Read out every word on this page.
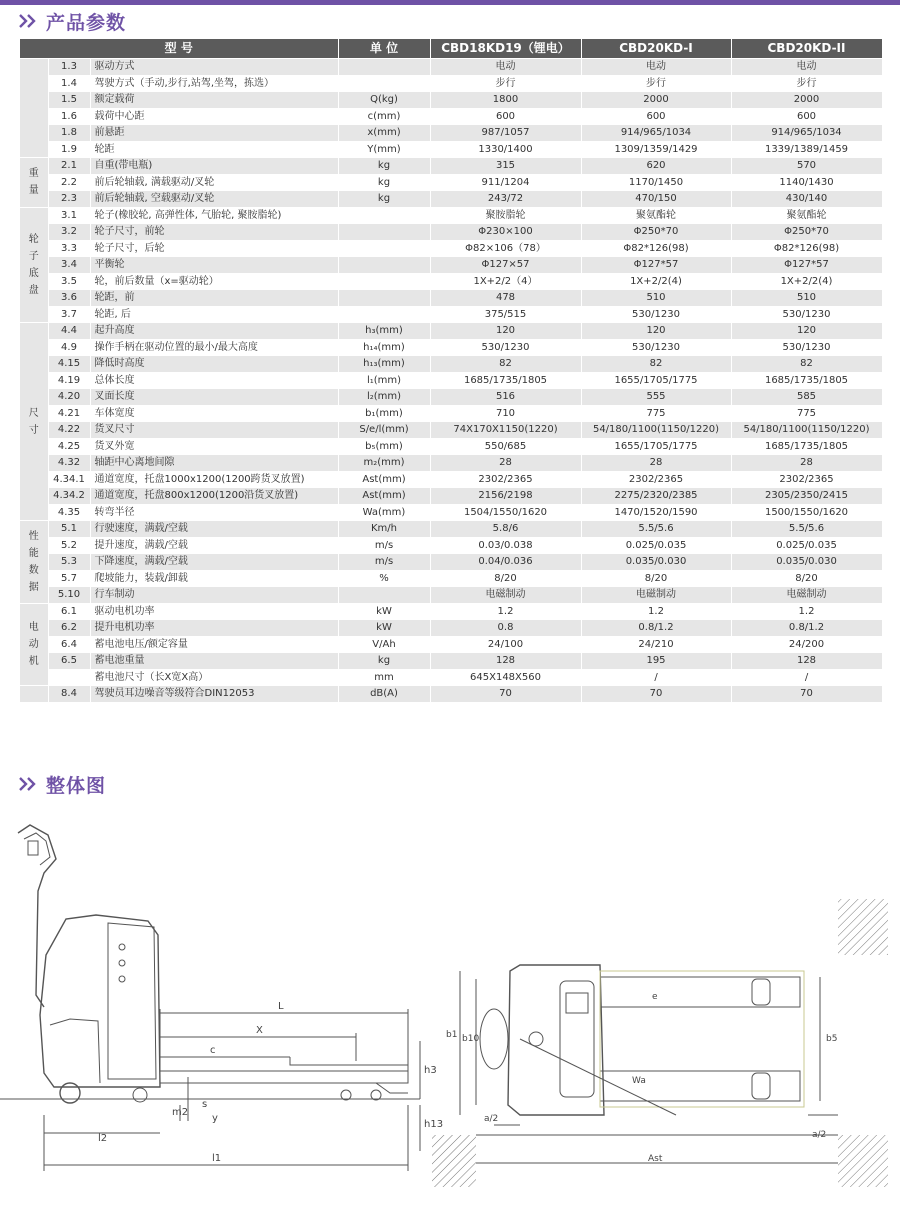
产品参数
型 号			单 位	CBD18KD19（锂电）	CBD20KD-I	CBD20KD-II
	1.3	驱动方式		电动	电动	电动
	1.4	驾驶方式（手动,步行,站驾,坐驾，拣选）		步行	步行	步行
	1.5	额定载荷	Q(kg)	1800	2000	2000
	1.6	载荷中心距	c(mm)	600	600	600
	1.8	前悬距	x(mm)	987/1057	914/965/1034	914/965/1034
	1.9	轮距	Y(mm)	1330/1400	1309/1359/1429	1339/1389/1459
重量	2.1	自重(带电瓶)	kg	315	620	570
	2.2	前后轮轴载, 满载驱动/叉轮	kg	911/1204	1170/1450	1140/1430
	2.3	前后轮轴载, 空载驱动/叉轮	kg	243/72	470/150	430/140
轮子底盘	3.1	轮子(橡胶轮, 高弹性体, 气胎轮, 聚胺脂轮)		聚胺脂轮	聚氨酯轮	聚氨酯轮
	3.2	轮子尺寸，前轮		Φ230×100	Φ250*70	Φ250*70
	3.3	轮子尺寸，后轮		Φ82×106（78）	Φ82*126(98)	Φ82*126(98)
	3.4	平衡轮		Φ127×57	Φ127*57	Φ127*57
	3.5	轮，前后数量（x=驱动轮）		1X+2/2（4）	1X+2/2(4)	1X+2/2(4)
	3.6	轮距，前		478	510	510
	3.7	轮距, 后		375/515	530/1230	530/1230
尺寸	4.4	起升高度	h₃(mm)	120	120	120
	4.9	操作手柄在驱动位置的最小/最大高度	h₁₄(mm)	530/1230	530/1230	530/1230
	4.15	降低时高度	h₁₃(mm)	82	82	82
	4.19	总体长度	l₁(mm)	1685/1735/1805	1655/1705/1775	1685/1735/1805
	4.20	叉面长度	l₂(mm)	516	555	585
	4.21	车体宽度	b₁(mm)	710	775	775
	4.22	货叉尺寸	S/e/l(mm)	74X170X1150(1220)	54/180/1100(1150/1220)	54/180/1100(1150/1220)
	4.25	货叉外宽	b₅(mm)	550/685	1655/1705/1775	1685/1735/1805
	4.32	轴距中心离地间隙	m₂(mm)	28	28	28
	4.34.1	通道宽度，托盘1000x1200(1200跨货叉放置)	Ast(mm)	2302/2365	2302/2365	2302/2365
	4.34.2	通道宽度，托盘800x1200(1200沿货叉放置)	Ast(mm)	2156/2198	2275/2320/2385	2305/2350/2415
	4.35	转弯半径	Wa(mm)	1504/1550/1620	1470/1520/1590	1500/1550/1620
性能数据	5.1	行驶速度，满载/空载	Km/h	5.8/6	5.5/5.6	5.5/5.6
	5.2	提升速度，满载/空载	m/s	0.03/0.038	0.025/0.035	0.025/0.035
	5.3	下降速度，满载/空载	m/s	0.04/0.036	0.035/0.030	0.035/0.030
	5.7	爬坡能力，装载/卸载	%	8/20	8/20	8/20
	5.10	行车制动		电磁制动	电磁制动	电磁制动
电动机	6.1	驱动电机功率	kW	1.2	1.2	1.2
	6.2	提升电机功率	kW	0.8	0.8/1.2	0.8/1.2
	6.4	蓄电池电压/额定容量	V/Ah	24/100	24/210	24/200
	6.5	蓄电池重量	kg	128	195	128
		蓄电池尺寸（长X宽X高）	mm	645X148X560	/	/
	8.4	驾驶员耳边噪音等级符合DIN12053	dB(A)	70	70	70
整体图
L
X
c
h3
h13
m2
s
y
l2
l1
b1 b10	b5
e
Wa
a/2
a/2
Ast
